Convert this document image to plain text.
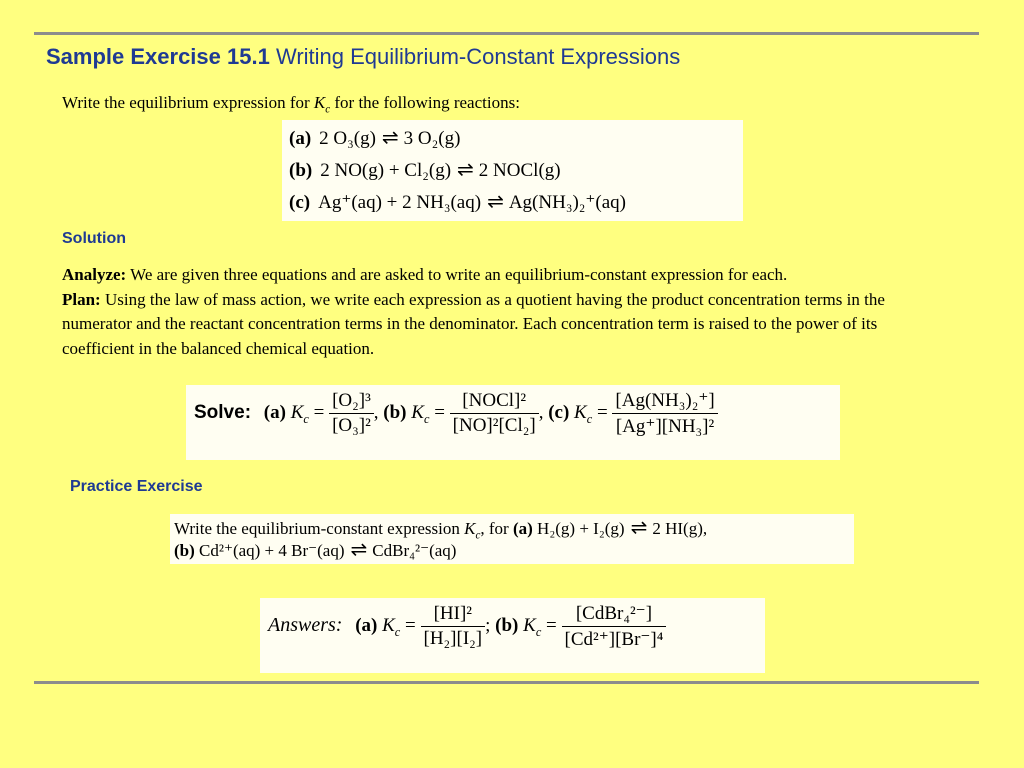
Sample Exercise 15.1 Writing Equilibrium-Constant Expressions
Write the equilibrium expression for $K_c$ for the following reactions:
(a) 2 O₃(g) ⇌ 3 O₂(g)
(b) 2 NO(g) + Cl₂(g) ⇌ 2 NOCl(g)
(c) Ag⁺(aq) + 2 NH₃(aq) ⇌ Ag(NH₃)₂⁺(aq)
Solution

Analyze: We are given three equations and are asked to write an equilibrium-constant expression for each.

Plan: Using the law of mass action, we write each expression as a quotient having the product concentration terms in the numerator and the reactant concentration terms in the denominator. Each concentration term is raised to the power of its coefficient in the balanced chemical equation.

Solve: (a) $K_c = \frac{\text{[O₂]³}}{\text{[O₃]²}}$ , (b) $K_c = \frac{\text{[NOCl]²}}{\text{[NO]²[Cl₂]}}$ , (c) $K_c = \frac{\text{[Ag(NH₃)₂⁺]}}{\text{[Ag⁺][NH₃]²}}$
Practice Exercise
Write the equilibrium-constant expression $K_c$, for (a) H₂(g) + I₂(g) ⇌ 2 HI(g),
(b) Cd²⁺(aq) + 4 Br⁻(aq) ⇌ CdBr₄²⁻(aq)
Answers: (a) $K_c = \frac{\text{[HI]²}}{\text{[H₂][I₂]}}$ ; (b) $K_c = \frac{\text{[CdBr₄²⁻]}}{\text{[Cd²⁺][Br⁻]⁴}}$
